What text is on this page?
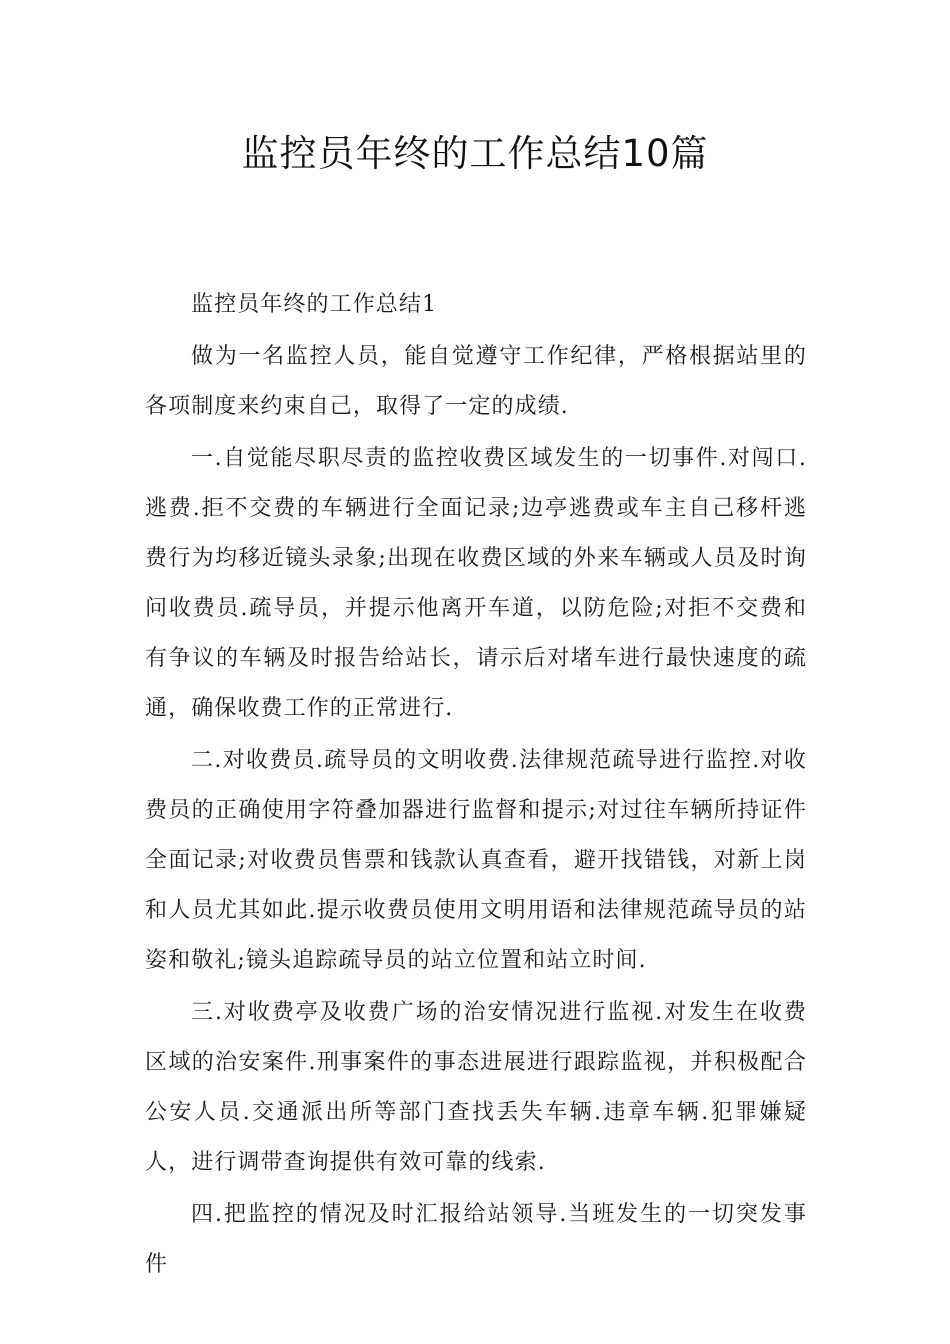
监控员年终的工作总结10篇

监控员年终的工作总结1

做为一名监控人员，能自觉遵守工作纪律，严格根据站里的各项制度来约束自己，取得了一定的成绩.

一.自觉能尽职尽责的监控收费区域发生的一切事件.对闯口.逃费.拒不交费的车辆进行全面记录;边亭逃费或车主自己移杆逃费行为均移近镜头录象;出现在收费区域的外来车辆或人员及时询问收费员.疏导员，并提示他离开车道，以防危险;对拒不交费和有争议的车辆及时报告给站长，请示后对堵车进行最快速度的疏通，确保收费工作的正常进行.

二.对收费员.疏导员的文明收费.法律规范疏导进行监控.对收费员的正确使用字符叠加器进行监督和提示;对过往车辆所持证件全面记录;对收费员售票和钱款认真查看，避开找错钱，对新上岗和人员尤其如此.提示收费员使用文明用语和法律规范疏导员的站姿和敬礼;镜头追踪疏导员的站立位置和站立时间.

三.对收费亭及收费广场的治安情况进行监视.对发生在收费区域的治安案件.刑事案件的事态进展进行跟踪监视，并积极配合公安人员.交通派出所等部门查找丢失车辆.违章车辆.犯罪嫌疑人，进行调带查询提供有效可靠的线索.

四.把监控的情况及时汇报给站领导.当班发生的一切突发事件
